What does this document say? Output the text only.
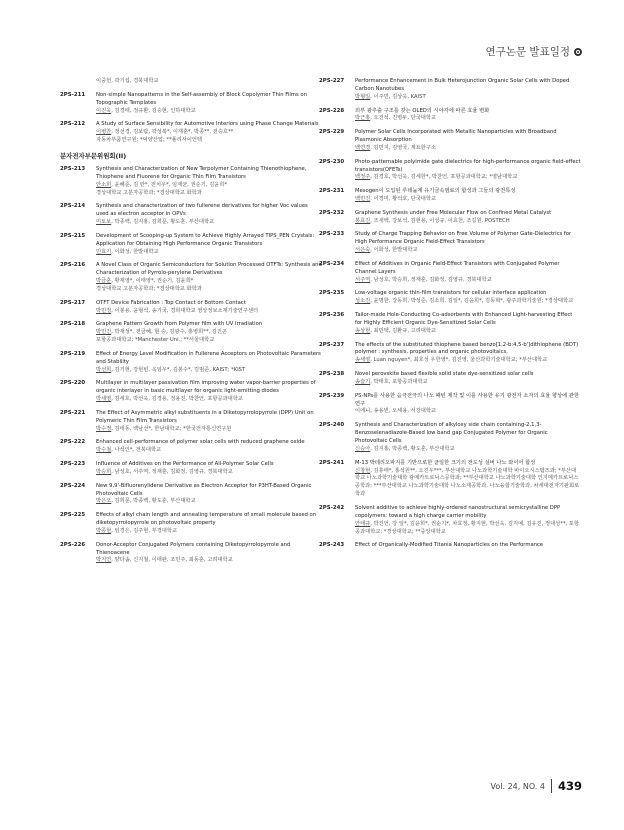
연구논문 발표일정
이중헌, 곽기섭, 경북대학교
2PS-211	Non-simple Nanopatterns in the Self-assembly of Block Copolymer Thin Films on Topographic Templates
이진욱, 김경태, 정규환, 김승현, 인하대학교
2PS-212	A Study of Surface Sensibility for Automotive Interiors using Phase Change Materials
이병찬, 정선경, 김보람, 곽성복*, 이재훈*, 박종**, 전승호**
자동차부품연구원; *덕양산업; **폴리사이언텍
분자전자부문위원회(II)
2PS-213	Synthesis and Characterization of New Terpolymer Containing Thienothiophene, Thiophene and Fluorene for Organic Thin Film Transistors
안소희, 윤혜준, 김 란*, 전치우*, 임재균, 권순기, 김윤희*
경상대학교 고분자공학과; *경상대학교 화학과
2PS-214	Synthesis and characterization of two fullerene derivatives for higher Voc values used as electron acceptor in OPVs
미토보, 박종백, 김지홍, 김희문, 황도훈, 부산대학교
2PS-215	Development of Scooping-up System to Achieve Highly Arrayed TIPS_PEN Crystals: Application for Obtaining High Performance Organic Transistors
민효기, 이화성, 한밭대학교
2PS-216	A Novel Class of Organic Semiconductors for Solution Processed OTFTs: Synthesis and Characterization of Pyrrolo-perylene Derivatives
박금훈, 황재영*, 이태영*, 권순기, 김윤희*
경상대학교 고분자공학과; *경상대학교 화학과
2PS-217	OTFT Device Fabrication : Top Contact or Bottom Contact
박민정, 이봉용, 윤형석, 송기국, 경희대학교 영상정보소재기술연구센터
2PS-218	Graphene Pattern Growth from Polymer film with UV Irradiation
박민진, 박재성*, 전금혜, 현 승, 김광수, 홍병희**, 김진곤
포항공과대학교; *Manchester Uni.; **서울대학교
2PS-219	Effect of Energy Level Modification in Fullerene Acceptors on Photovoltaic Parameters and Stability
박선희, 김기현, 강현빈, 옥임우*, 김봉수*, 김범준, KAIST; *KIST
2PS-220	Multilayer in multilayer passivation film improving water vapor-barrier properties of organic interlayer in basic multilayer for organic light-emitting diodes
박세영, 김세호, 박선욱, 김경용, 정용진, 박찬언, 포항공과대학교
2PS-221	The Effect of Asymmetric alkyl substituents in a Diketopyrrolopyrrole (DPP) Unit on Polymeric Thin Film Transistors
박수정, 김태동, 백남선*, 한남대학교; *한국전자통신연구원
2PS-222	Enhanced cell-performance of polymer solar cells with reduced graphene oxide
박수철, 나석인*, 전북대학교
2PS-223	Influence of Additives on the Performance of All-Polymer Solar Cells
박승희, 남성호, 서주역, 정재훈, 김화정, 김영규, 경북대학교
2PS-224	New 9,9'-Bifluorenylidene Derivative as Electron Acceptor for P3HT-Based Organic Photovoltaic Cells
박은오, 김희문, 박종백, 황도훈, 부산대학교
2PS-225	Effects of alkyl chain length and annealing temperature of small molecule based on diketopyrrolopyrrole on photovoltaic property
박종현, 임경은, 김주현, 부경대학교
2PS-226	Donor-Acceptor Conjugated Polymers containing Diketopyrrolopyrrole and Thienoacene
박지연, 양다솜, 신지철, 이태완, 조민주, 최동훈, 고려대학교
2PS-227	Performance Enhancement in Bulk Heterojunction Organic Solar Cells with Doped Carbon Nanotubes
박형일, 이주민, 김상욱, KAIST
2PS-228	외부 광추출 구조를 갖는 OLED의 시야각에 따른 효율 변화
박근홍, 오진석, 진병두, 단국대학교
2PS-229	Polymer Solar Cells Incorporated with Metallic Nanoparticles with Broadband Plasmonic Absorption
백연경, 김민지, 김영국, 계요한구소
2PS-230	Photo-patternable polyimide gate dielectrics for high-performance organic field-effect transistors(OFETs)
백정주, 김경호, 박선욱, 김세한*, 박찬언, 포항공과대학교; *영남대학교
2PS-231	Mesogen이 도입된 루테늄계 유기금속염료의 합성과 그들의 광전특성
백민진, 이경미, 황석호, 단국대학교
2PS-232	Graphene Synthesis under Free Molecular Flow on Confined Metal Catalyst
봉효진, 조새백, 강보석, 김현용, 이성규, 이효천, 조길원, POSTECH
2PS-233	Study of Charge Trapping Behavior on Free Volume of Polymer Gate-Dielectrics for High Performance Organic Field-Effect Transistors
서은숙, 이화성, 한밭대학교
2PS-234	Effect of Additives in Organic Field-Effect Transistors with Conjugated Polymer Channel Layers
서주역, 남성호, 박승희, 정재훈, 김화정, 김영규, 경북대학교
2PS-235	Low-voltage organic thin-film transistors for cellular interface application
성소진, 윤명한, 강동희, 박성준, 김소희, 김일*, 김윤희*, 김동혁*, 광주과학기술원; *경상대학교
2PS-236	Tailor-made Hole-Conducting Co-adsorbents with Enhanced Light-harvesting Effect for Highly Efficient Organic Dye-Sensitized Solar Cells
송상현, 최민택, 김환규, 고려대학교
2PS-237	The effects of the substituted thiophene based benzo[1,2-b:4,5-b']dithiophene (BDT) polymer : synthesis, properties and organic photovoltaics,
송세영, Luan nguyen*, 최호성 우한영*, 김진영, 울산과학기술대학교; *부산대학교
2PS-238	Novel perovskite based flexible solid state dye-sensitized solar cells
송슬기, 박태호, 포항공과대학교
2PS-239	PS-NPs를 사용한 음극전극의 나노 패턴 제작 및 이를 사용한 유기 광전자 소자의 효율 향상에 관한 연구
이에니, 송용빈, 오세용, 서강대학교
2PS-240	Synthesis and Characterization of alkyloxy side chain containing-2,1,3-Benzoselenadiazole-Based low band gap Conjugated Polymer for Organic Photovoltaic Cells
신승아, 김지홍, 박종백, 황도훈, 부산대학교
2PS-241	M-13 박테리오파지를 기반으로한 균일한 크기의 전도성 실버 나노 와이어 합성
신창현, 김휴태*, 홍석원**, 오진우***, 부산대학교 나노과학기술대학 바이오시스템즈과; *부산대학교 나노과학기술대학 광메카트로닉스공학과; **부산대학교 나노과학기술대학 인지메카트로닉스공학과; ***부산대학교 나노과학기술대학 나노소재공학과, 나노융합기술학과, 차세대전자기판회로학과
2PS-242	Solvent additive to achieve highly-ordered nanostructural semicrystalline DPP copolymers: toward a high charge carrier mobility
안태규, 박진언, 강 일*, 김윤희*, 권순기*, 차효정, 황지현, 박선욱, 김지예, 김유진, 정대성**, 포항공과대학교; *경상대학교; **중앙대학교
2PS-243	Effect of Organically-Modified Titania Nanoparticles on the Performance
Vol. 24, NO. 4	439
